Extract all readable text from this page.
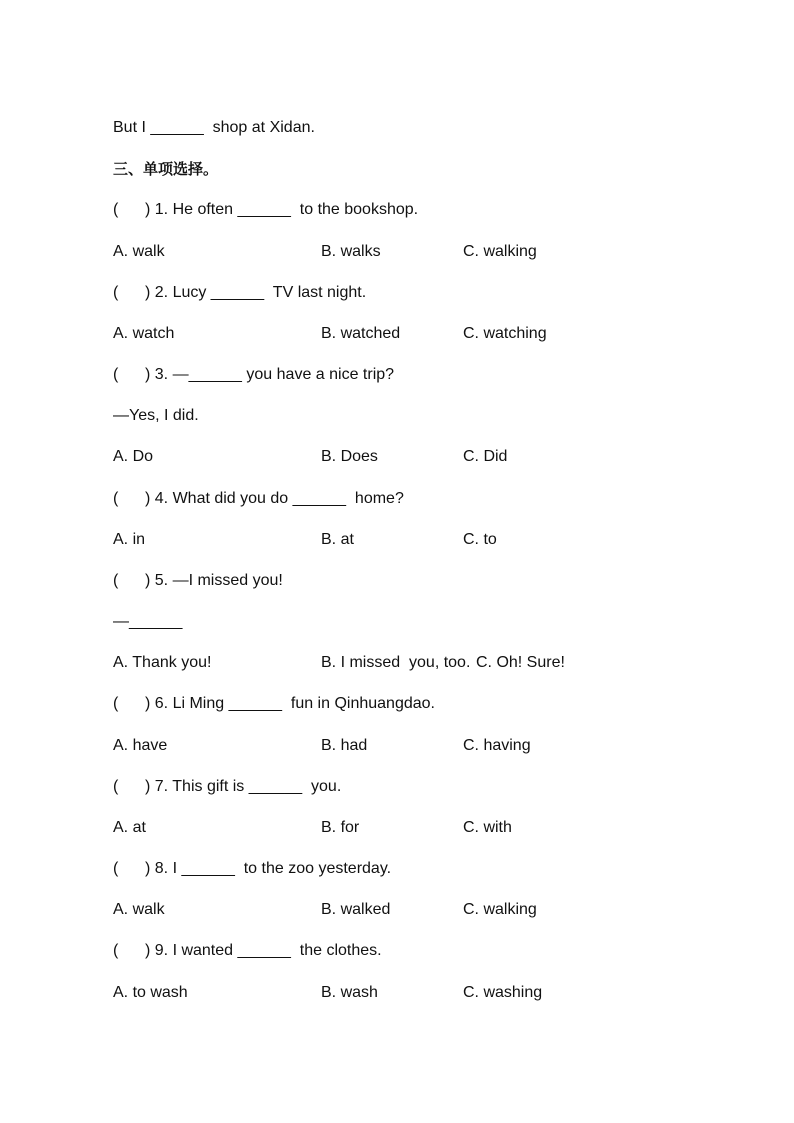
But I ______  shop at Xidan.
三、单项选择。
(      ) 1. He often ______  to the bookshop.
A. walk	B. walks	C. walking
(      ) 2. Lucy ______  TV last night.
A. watch	B. watched	C. watching
(      ) 3. —______ you have a nice trip?
—Yes, I did.
A. Do	B. Does	C. Did
(      ) 4. What did you do ______  home?
A. in	B. at	C. to
(      ) 5. —I missed you!
—______
A. Thank you!	B. I missed  you, too. C. Oh! Sure!
(      ) 6. Li Ming ______  fun in Qinhuangdao.
A. have	B. had	C. having
(      ) 7. This gift is ______  you.
A. at	B. for	C. with
(      ) 8. I ______  to the zoo yesterday.
A. walk	B. walked	C. walking
(      ) 9. I wanted ______  the clothes.
A. to wash	B. wash	C. washing
